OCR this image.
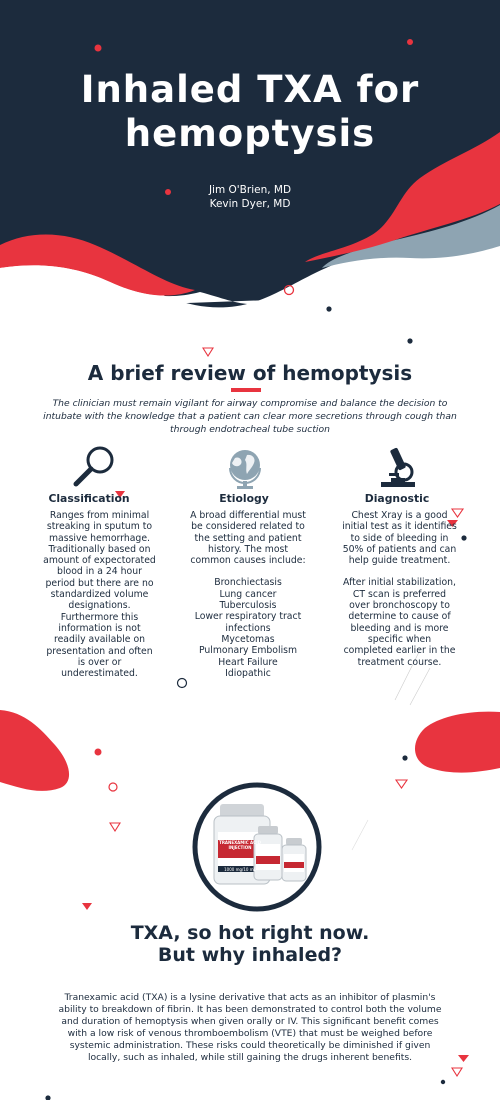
Inhaled TXA for
hemoptysis
Jim O'Brien, MD
Kevin Dyer, MD
A brief review of hemoptysis
The clinician must remain vigilant for airway compromise and balance the decision to intubate with the knowledge that a patient can clear more secretions through cough than through endotracheal tube suction
Classification	Etiology	Diagnostic

Ranges from minimal streaking in sputum to massive hemorrhage. Traditionally based on amount of expectorated blood in a 24 hour period but there are no standardized volume designations. Furthermore this information is not readily available on presentation and often is over or underestimated.

A broad differential must be considered related to the setting and patient history. The most common causes include:

Bronchiectasis

Lung cancer

Tuberculosis

Lower respiratory tract infections

Mycetomas

Pulmonary Embolism

Heart Failure

Idiopathic

Chest Xray is a good initial test as it identifies to side of bleeding in 50% of patients and can help guide treatment.

After initial stabilization, CT scan is preferred over bronchoscopy to determine to cause of bleeding and is more specific when completed earlier in the treatment course.

TRANEXAMIC ACID INJECTION
1000 mg/10 mL
TXA, so hot right now.
But why inhaled?
Tranexamic acid (TXA) is a lysine derivative that acts as an inhibitor of plasmin's ability to breakdown of fibrin. It has been demonstrated to control both the volume and duration of hemoptysis when given orally or IV. This significant benefit comes with a low risk of venous thromboembolism (VTE) that must be weighed before systemic administration. These risks could theoretically be diminished if given locally, such as inhaled, while still gaining the drugs inherent benefits.
